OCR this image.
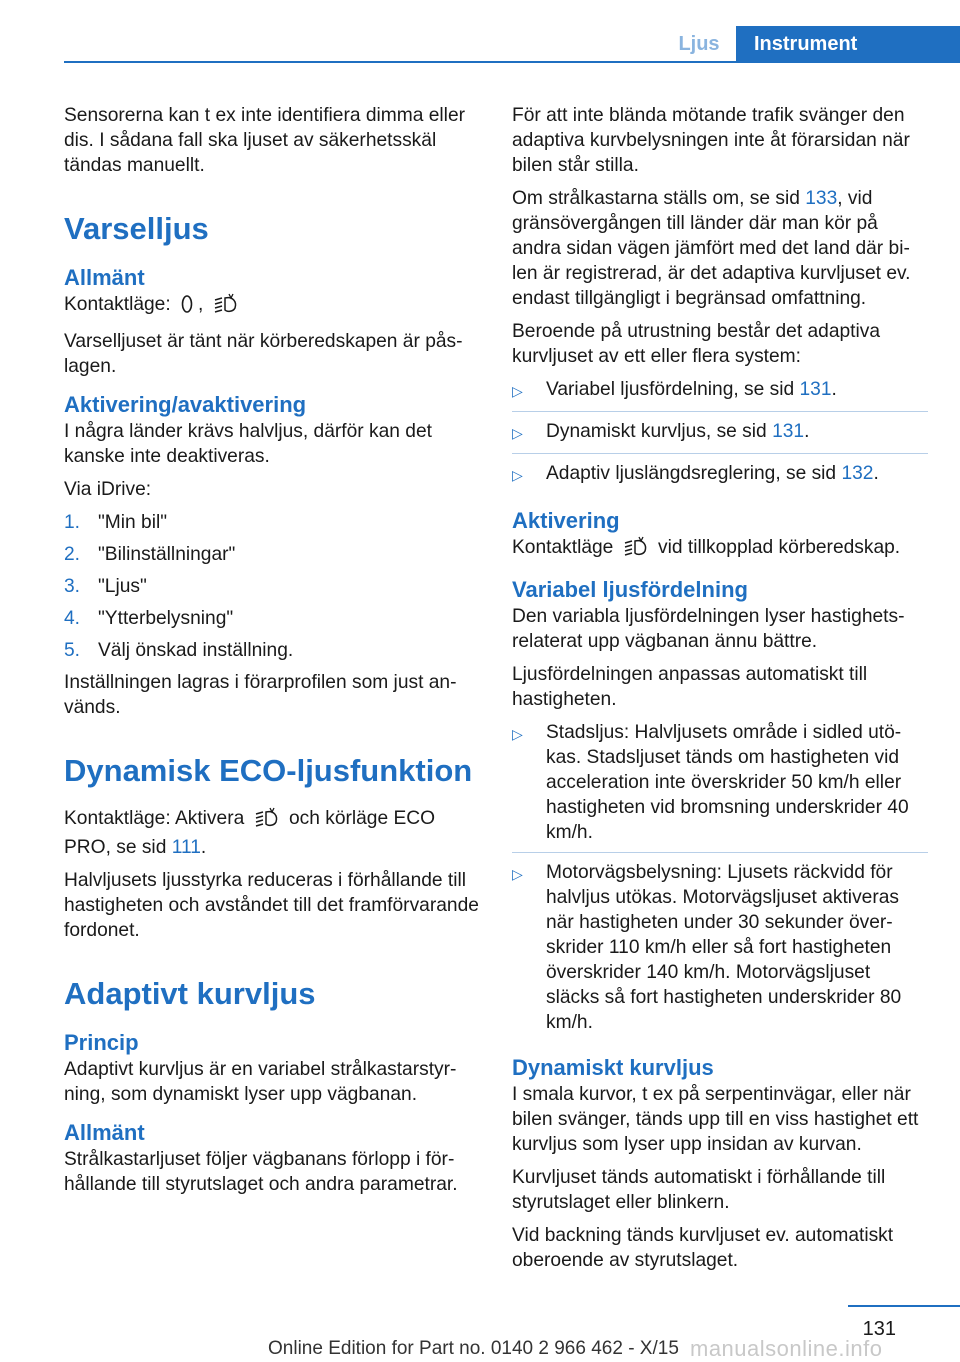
Ljus	Instrument

Sensorerna kan t ex inte identifiera dimma eller dis. I sådana fall ska ljuset av säkerhetsskäl tändas manuellt.

Varselljus
Allmänt

Kontaktläge: ,

Varselljuset är tänt när körberedskapen är påslagen.

Aktivering/avaktivering

I några länder krävs halvljus, därför kan det kanske inte deaktiveras.

Via iDrive:

1. "Min bil"
2. "Bilinställningar"
3. "Ljus"
4. "Ytterbelysning"
5. Välj önskad inställning.

Inställningen lagras i förarprofilen som just används.

Dynamisk ECO-ljusfunktion

Kontaktläge: Aktivera och körläge ECO PRO, se sid 111.

Halvljusets ljusstyrka reduceras i förhållande till hastigheten och avståndet till det framförvarande fordonet.

Adaptivt kurvljus
Princip

Adaptivt kurvljus är en variabel strålkastarstyrning, som dynamiskt lyser upp vägbanan.

Allmänt

Strålkastarljuset följer vägbanans förlopp i förhållande till styrutslaget och andra parametrar.

För att inte blända mötande trafik svänger den adaptiva kurvbelysningen inte åt förarsidan när bilen står stilla.

Om strålkastarna ställs om, se sid 133, vid gränsövergången till länder där man kör på andra sidan vägen jämfört med det land där bilen är registrerad, är det adaptiva kurvljuset ev. endast tillgängligt i begränsad omfattning.

Beroende på utrustning består det adaptiva kurvljuset av ett eller flera system:

▷	Variabel ljusfördelning, se sid 131.
▷	Dynamiskt kurvljus, se sid 131.
▷	Adaptiv ljuslängdsreglering, se sid 132.
Aktivering

Kontaktläge vid tillkopplad körberedskap.

Variabel ljusfördelning

Den variabla ljusfördelningen lyser hastighetsrelaterat upp vägbanan ännu bättre.

Ljusfördelningen anpassas automatiskt till hastigheten.

▷	Stadsljus: Halvljusets område i sidled utökas. Stadsljuset tänds om hastigheten vid acceleration inte överskrider 50 km/h eller hastigheten vid bromsning underskrider 40 km/h.
▷	Motorvägsbelysning: Ljusets räckvidd för halvljus utökas. Motorvägsljuset aktiveras när hastigheten under 30 sekunder överskrider 110 km/h eller så fort hastigheten överskrider 140 km/h. Motorvägsljuset släcks så fort hastigheten underskrider 80 km/h.
Dynamiskt kurvljus

I smala kurvor, t ex på serpentinvägar, eller när bilen svänger, tänds upp till en viss hastighet ett kurvljus som lyser upp insidan av kurvan.

Kurvljuset tänds automatiskt i förhållande till styrutslaget eller blinkern.

Vid backning tänds kurvljuset ev. automatiskt oberoende av styrutslaget.

131
Online Edition for Part no. 0140 2 966 462 - X/15 manualsonline.info
